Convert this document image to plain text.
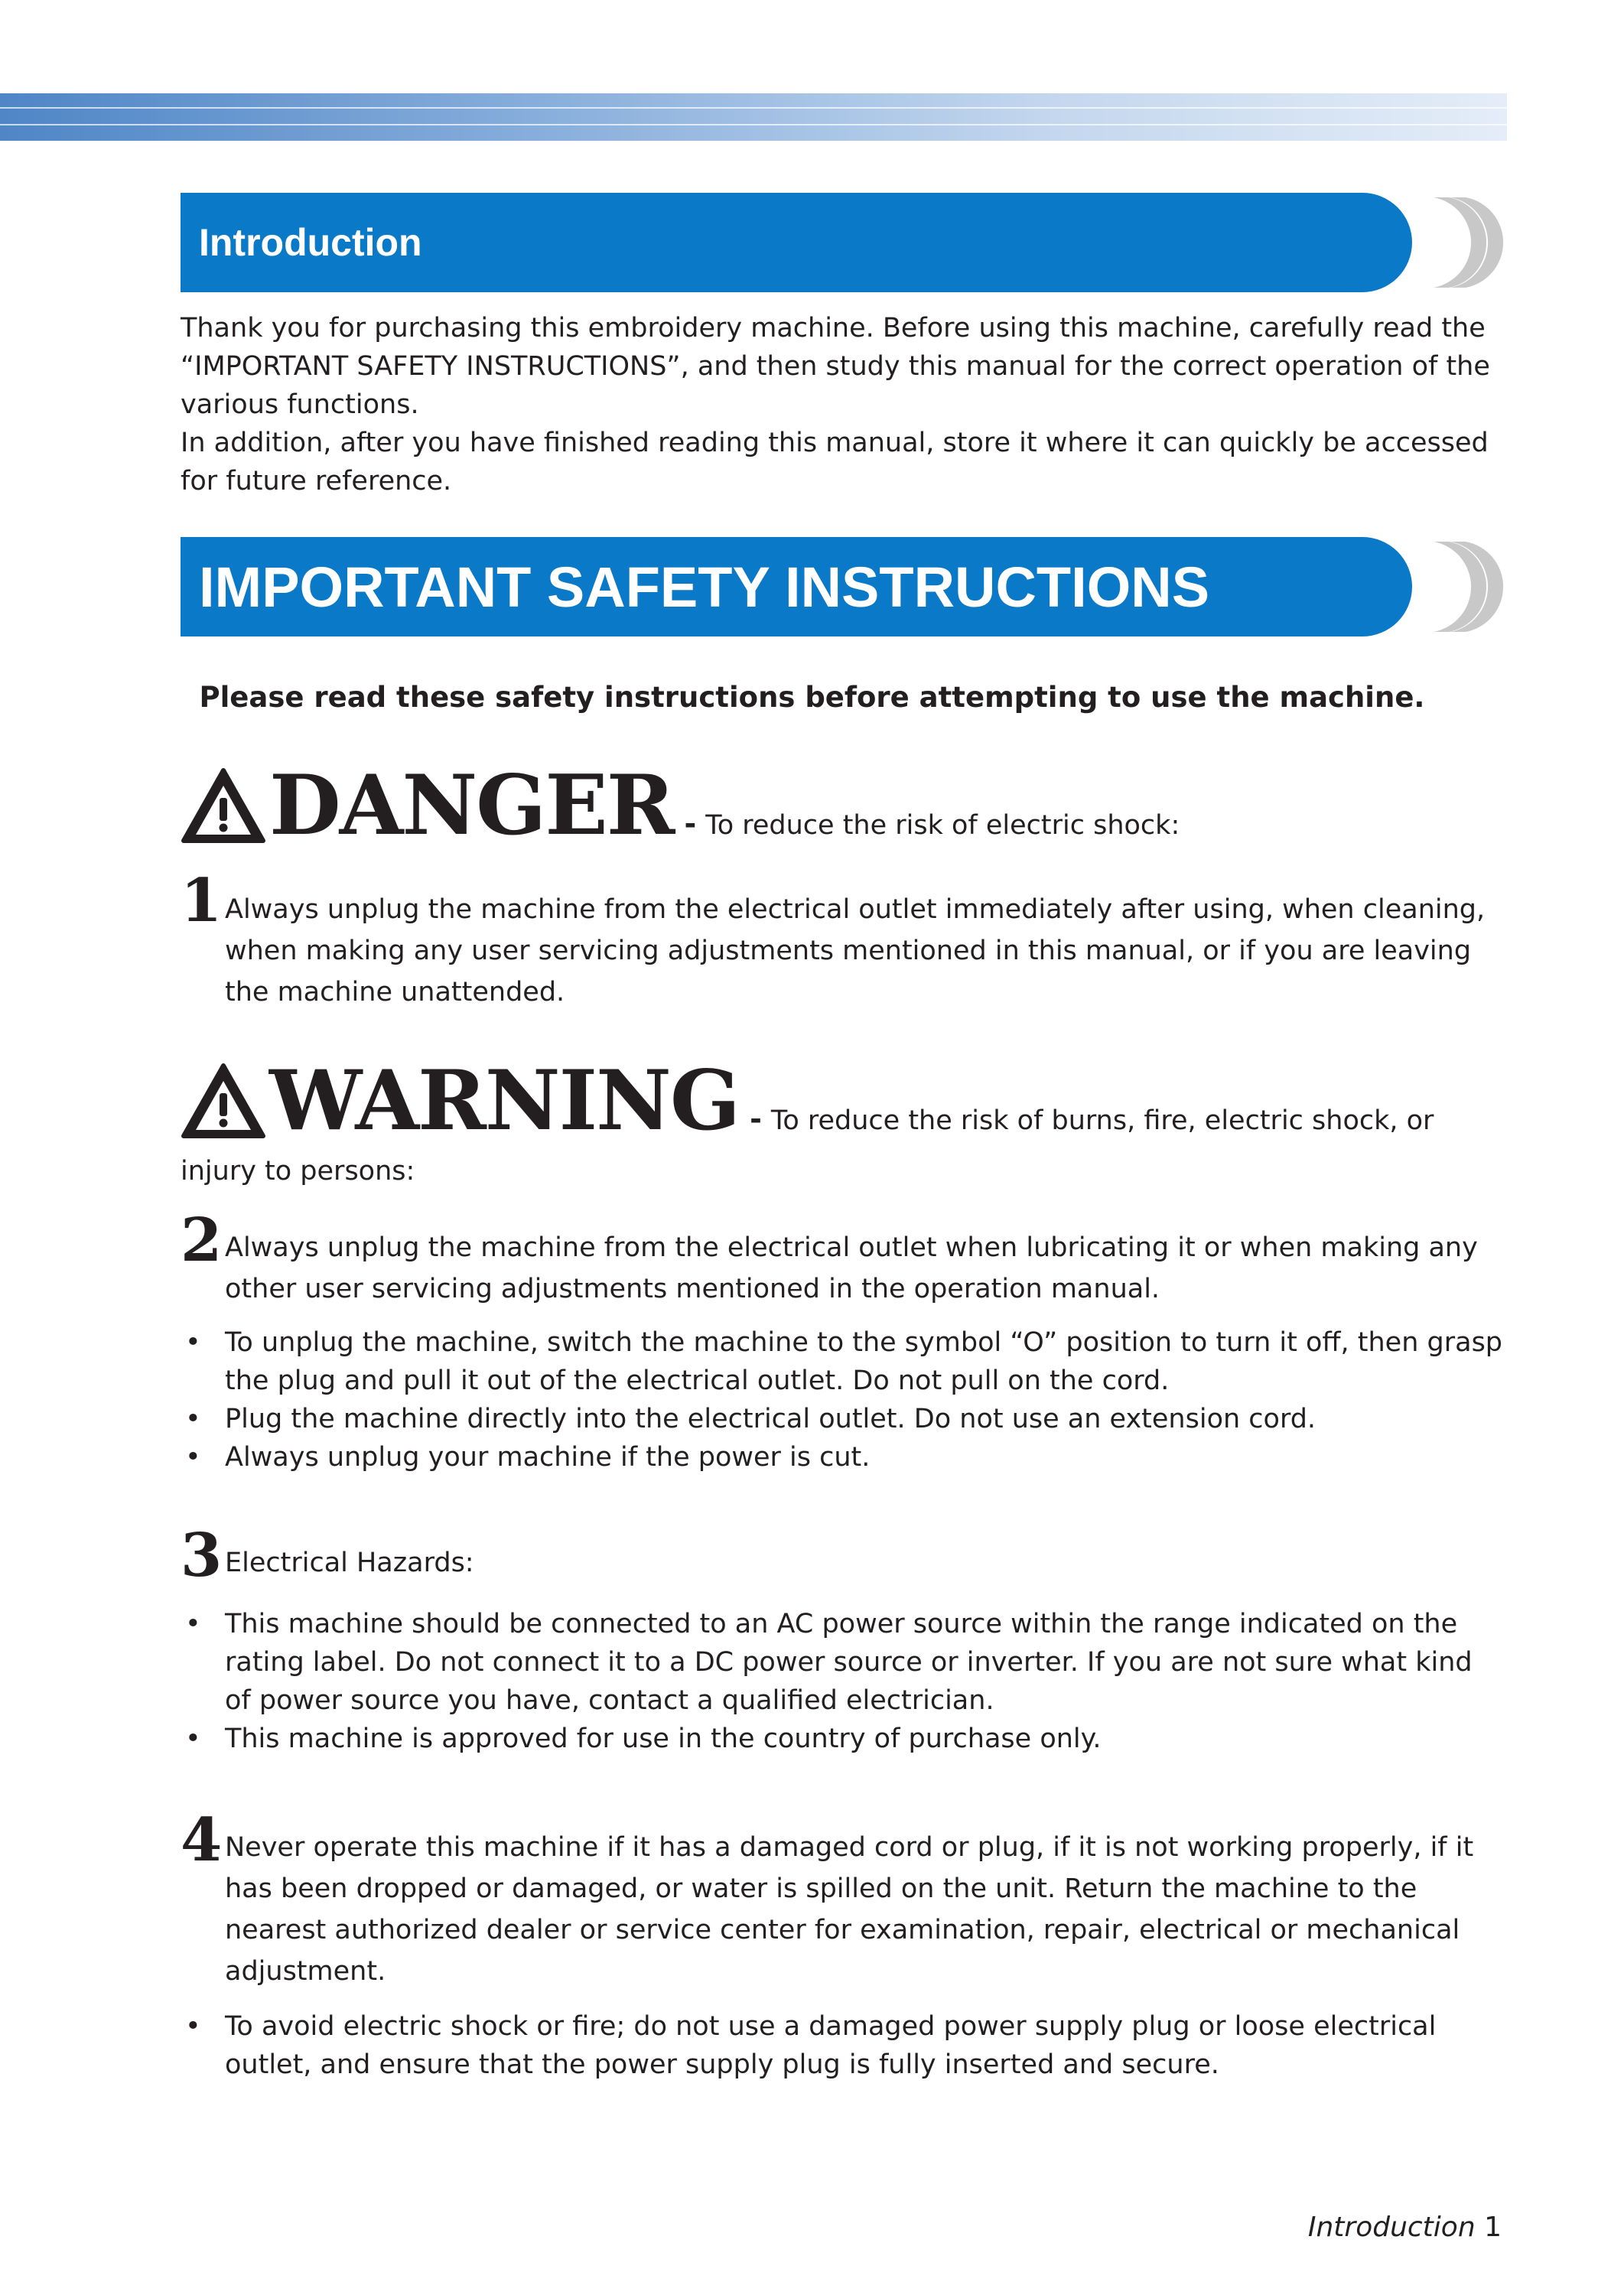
Introduction

Thank you for purchasing this embroidery machine. Before using this machine, carefully read the “IMPORTANT SAFETY INSTRUCTIONS”, and then study this manual for the correct operation of the various functions.

In addition, after you have finished reading this manual, store it where it can quickly be accessed for future reference.

IMPORTANT SAFETY INSTRUCTIONS
Please read these safety instructions before attempting to use the machine.
DANGER - To reduce the risk of electric shock:
1 Always unplug the machine from the electrical outlet immediately after using, when cleaning, when making any user servicing adjustments mentioned in this manual, or if you are leaving the machine unattended.
WARNING - To reduce the risk of burns, fire, electric shock, or
injury to persons:
2 Always unplug the machine from the electrical outlet when lubricating it or when making any other user servicing adjustments mentioned in the operation manual.
• To unplug the machine, switch the machine to the symbol “O” position to turn it off, then grasp the plug and pull it out of the electrical outlet. Do not pull on the cord.
• Plug the machine directly into the electrical outlet. Do not use an extension cord.
• Always unplug your machine if the power is cut.
3 Electrical Hazards:
• This machine should be connected to an AC power source within the range indicated on the rating label. Do not connect it to a DC power source or inverter. If you are not sure what kind of power source you have, contact a qualified electrician.
• This machine is approved for use in the country of purchase only.
4 Never operate this machine if it has a damaged cord or plug, if it is not working properly, if it has been dropped or damaged, or water is spilled on the unit. Return the machine to the nearest authorized dealer or service center for examination, repair, electrical or mechanical adjustment.
• To avoid electric shock or fire; do not use a damaged power supply plug or loose electrical outlet, and ensure that the power supply plug is fully inserted and secure.
Introduction 1
